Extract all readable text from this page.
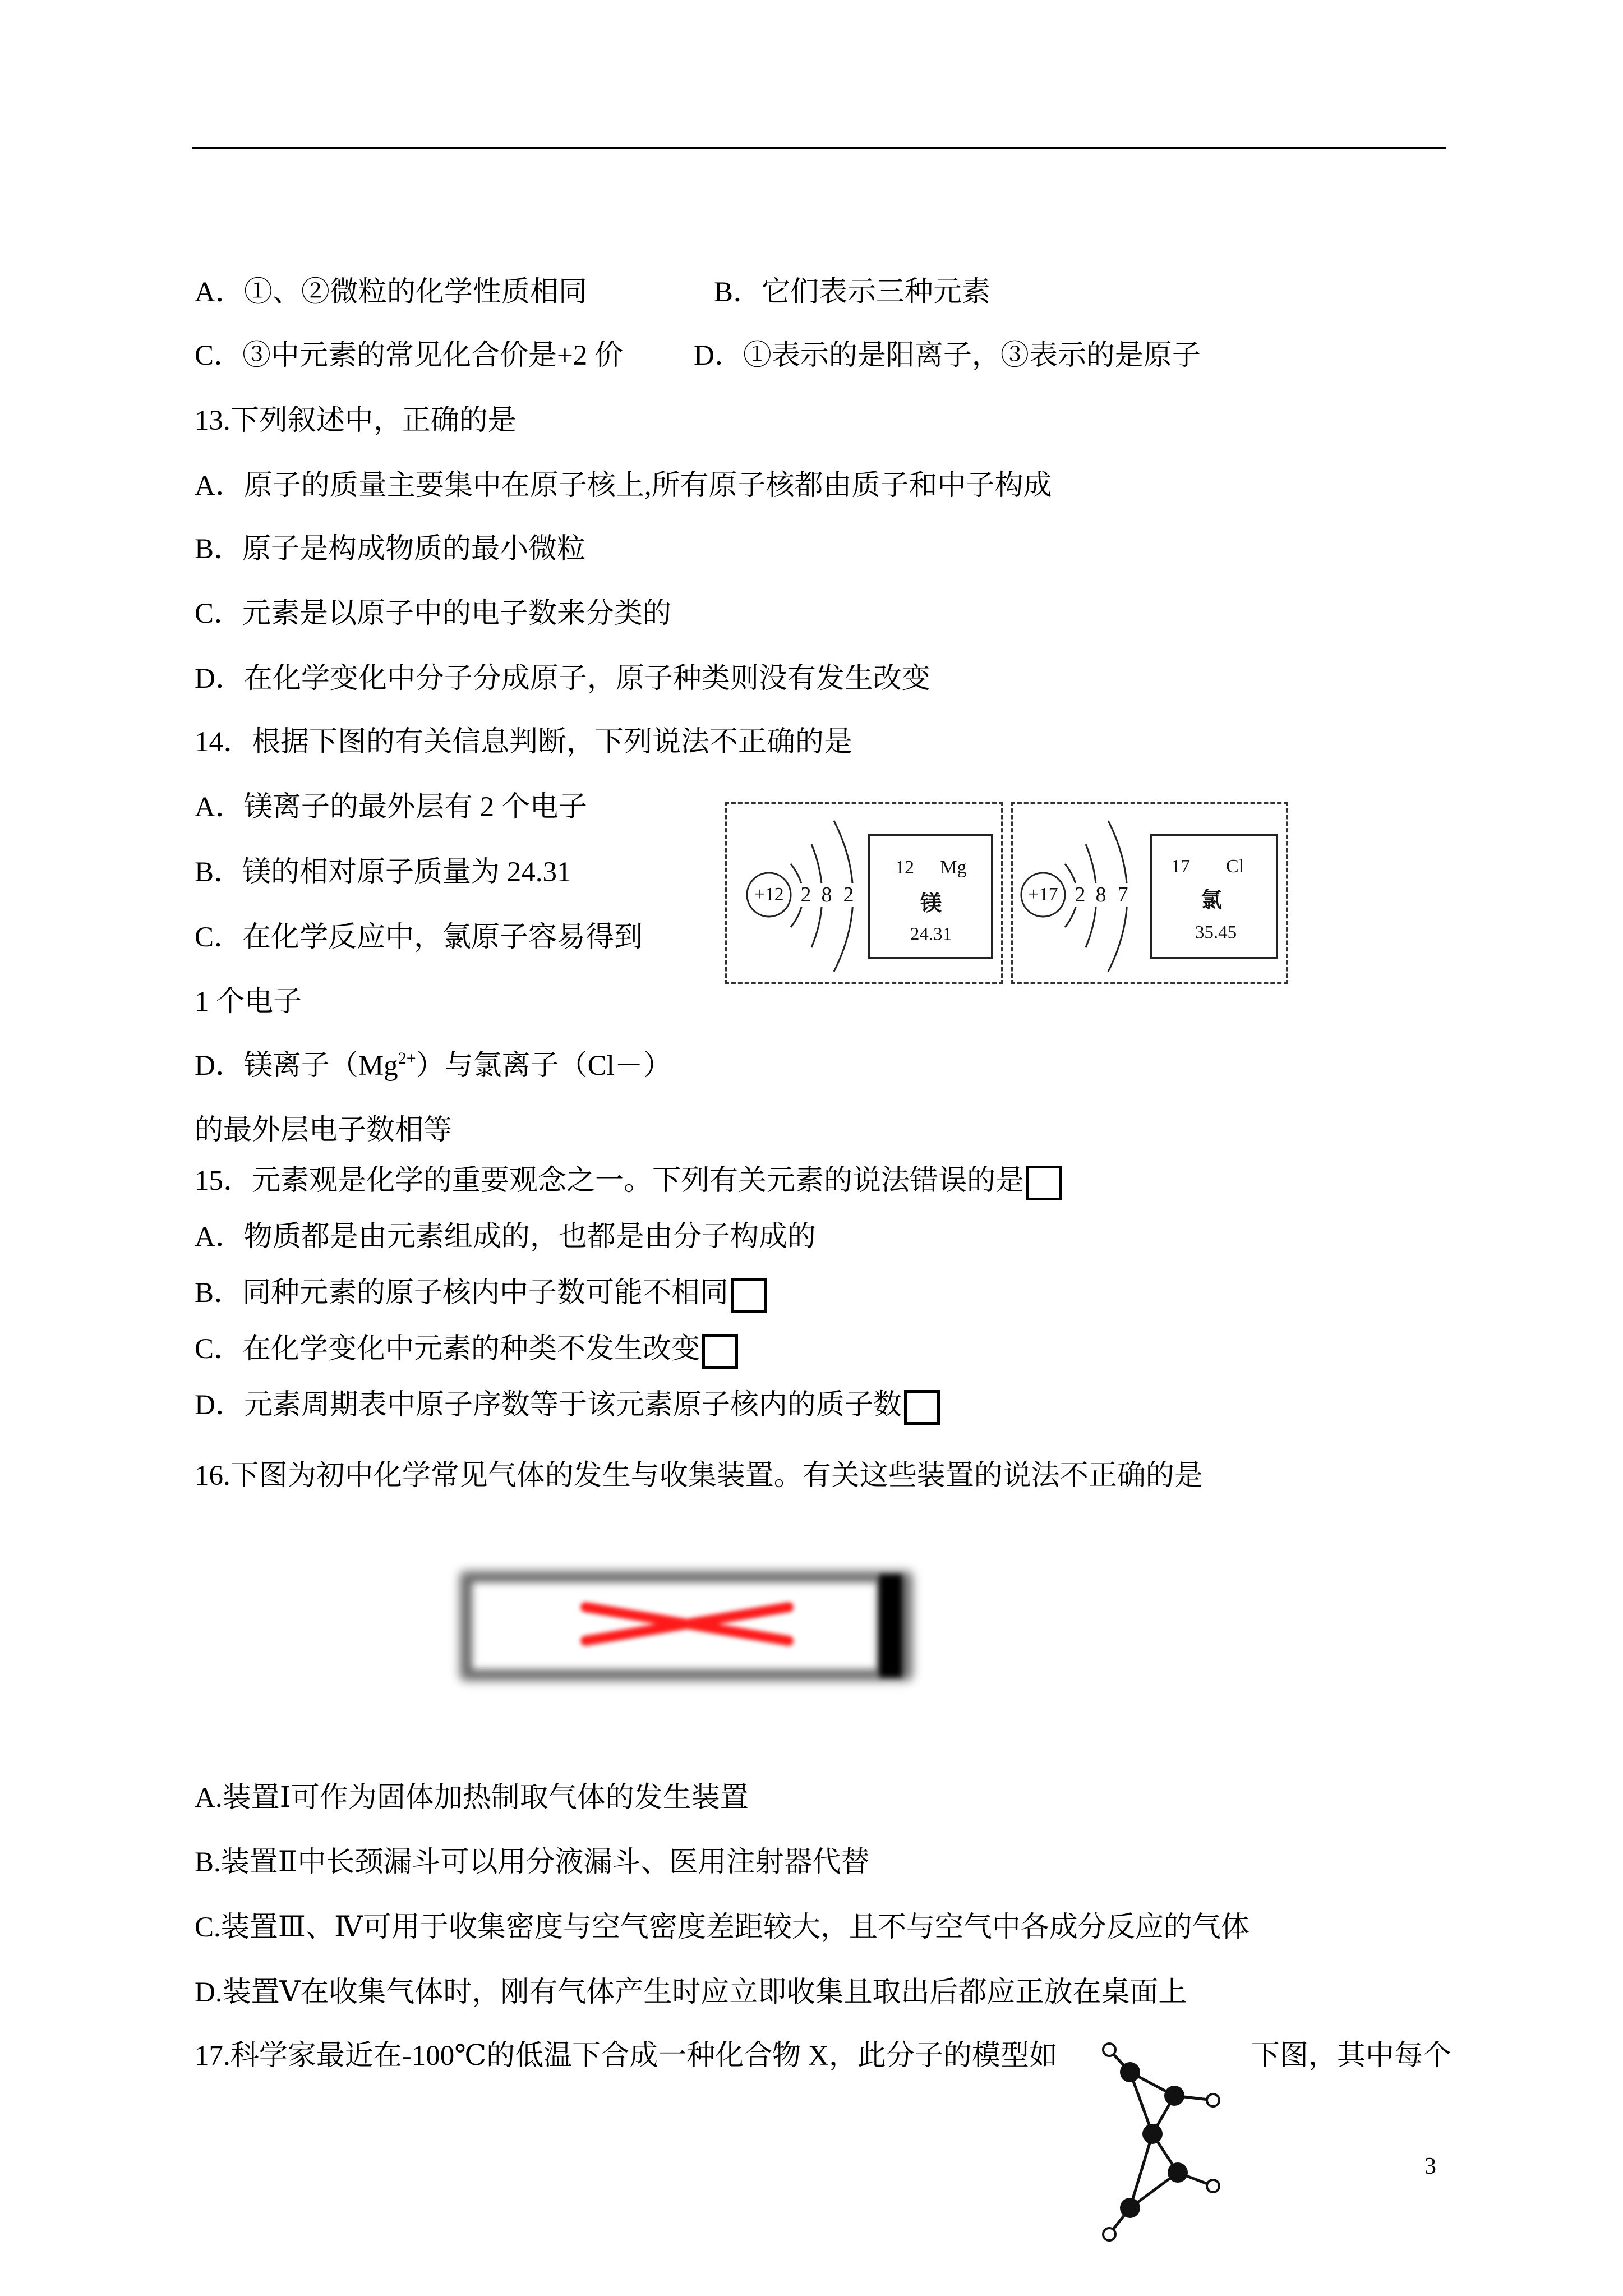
A．①、②微粒的化学性质相同	B．它们表示三种元素
C．③中元素的常见化合价是+2 价 D．①表示的是阳离子，③表示的是原子
13.下列叙述中，正确的是
A．原子的质量主要集中在原子核上,所有原子核都由质子和中子构成
B．原子是构成物质的最小微粒
C．元素是以原子中的电子数来分类的
D．在化学变化中分子分成原子，原子种类则没有发生改变
14．根据下图的有关信息判断，下列说法不正确的是
A．镁离子的最外层有 2 个电子
B．镁的相对原子质量为 24.31
C．在化学反应中，氯原子容易得到
1 个电子
D．镁离子$(Mg^{2+})$与氯离子（Cl－）
的最外层电子数相等
+12 2 8 2
12 Mg
镁
24.31
+17 2 8 7
17 Cl
氯
35.45
15．元素观是化学的重要观念之一。下列有关元素的说法错误的是
A．物质都是由元素组成的，也都是由分子构成的
B．同种元素的原子核内中子数可能不相同
C．在化学变化中元素的种类不发生改变
D．元素周期表中原子序数等于该元素原子核内的质子数
16.下图为初中化学常见气体的发生与收集装置。有关这些装置的说法不正确的是
A.装置Ⅰ可作为固体加热制取气体的发生装置
B.装置Ⅱ中长颈漏斗可以用分液漏斗、医用注射器代替
C.装置Ⅲ、Ⅳ可用于收集密度与空气密度差距较大，且不与空气中各成分反应的气体
D.装置Ⅴ在收集气体时，刚有气体产生时应立即收集且取出后都应正放在桌面上
17.科学家最近在-100℃的低温下合成一种化合物 X，此分子的模型如	下图，其中每个
3
